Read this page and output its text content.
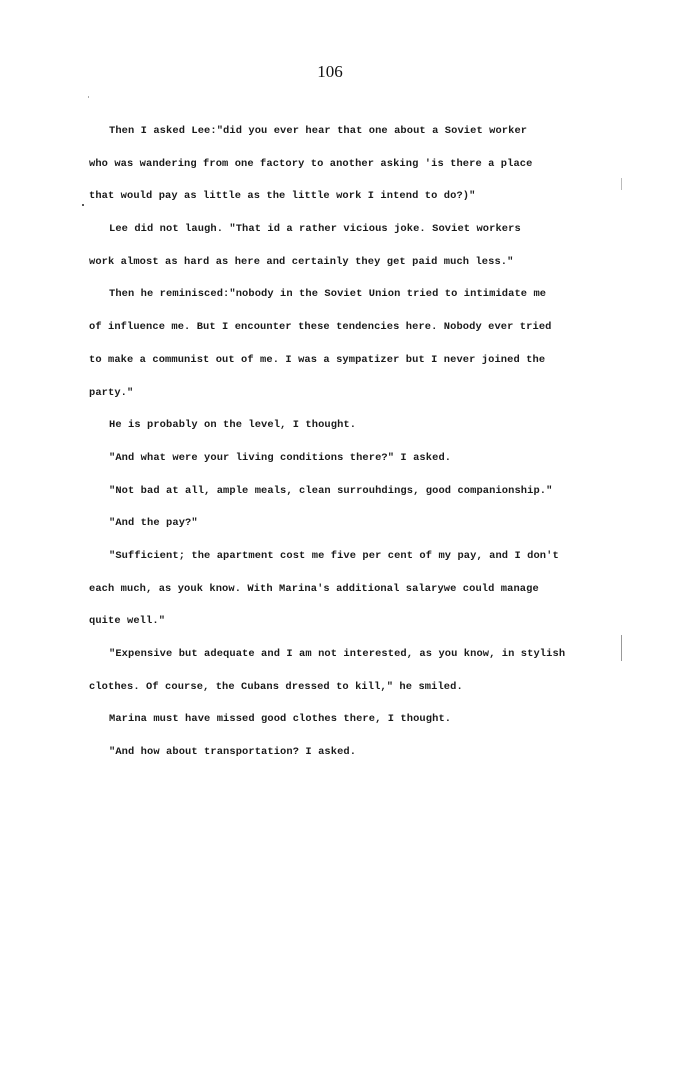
106
Then I asked Lee:"did you ever hear that one about a Soviet worker
who was wandering from one factory to another asking 'is there a place
that would pay as little as the little work I intend to do?)"
Lee did not laugh. "That id a rather vicious joke. Soviet workers
work almost as hard as here and certainly they get paid much less."
Then he reminisced:"nobody in the Soviet Union tried to intimidate me
of influence me. But I encounter these tendencies here. Nobody ever tried
to make a communist out of me. I was a sympatizer but I never joined the
party."
He is probably on the level, I thought.
"And what were your living conditions there?" I asked.
"Not bad at all, ample meals, clean surrouhdings, good companionship."
"And the pay?"
"Sufficient; the apartment cost me five per cent of my pay, and I don't
each much, as youk know. With Marina's additional salarywe could manage
quite well."
"Expensive but adequate and I am not interested, as you know, in stylish
clothes. Of course, the Cubans dressed to kill," he smiled.
Marina must have missed good clothes there, I thought.
"And how about transportation? I asked.
